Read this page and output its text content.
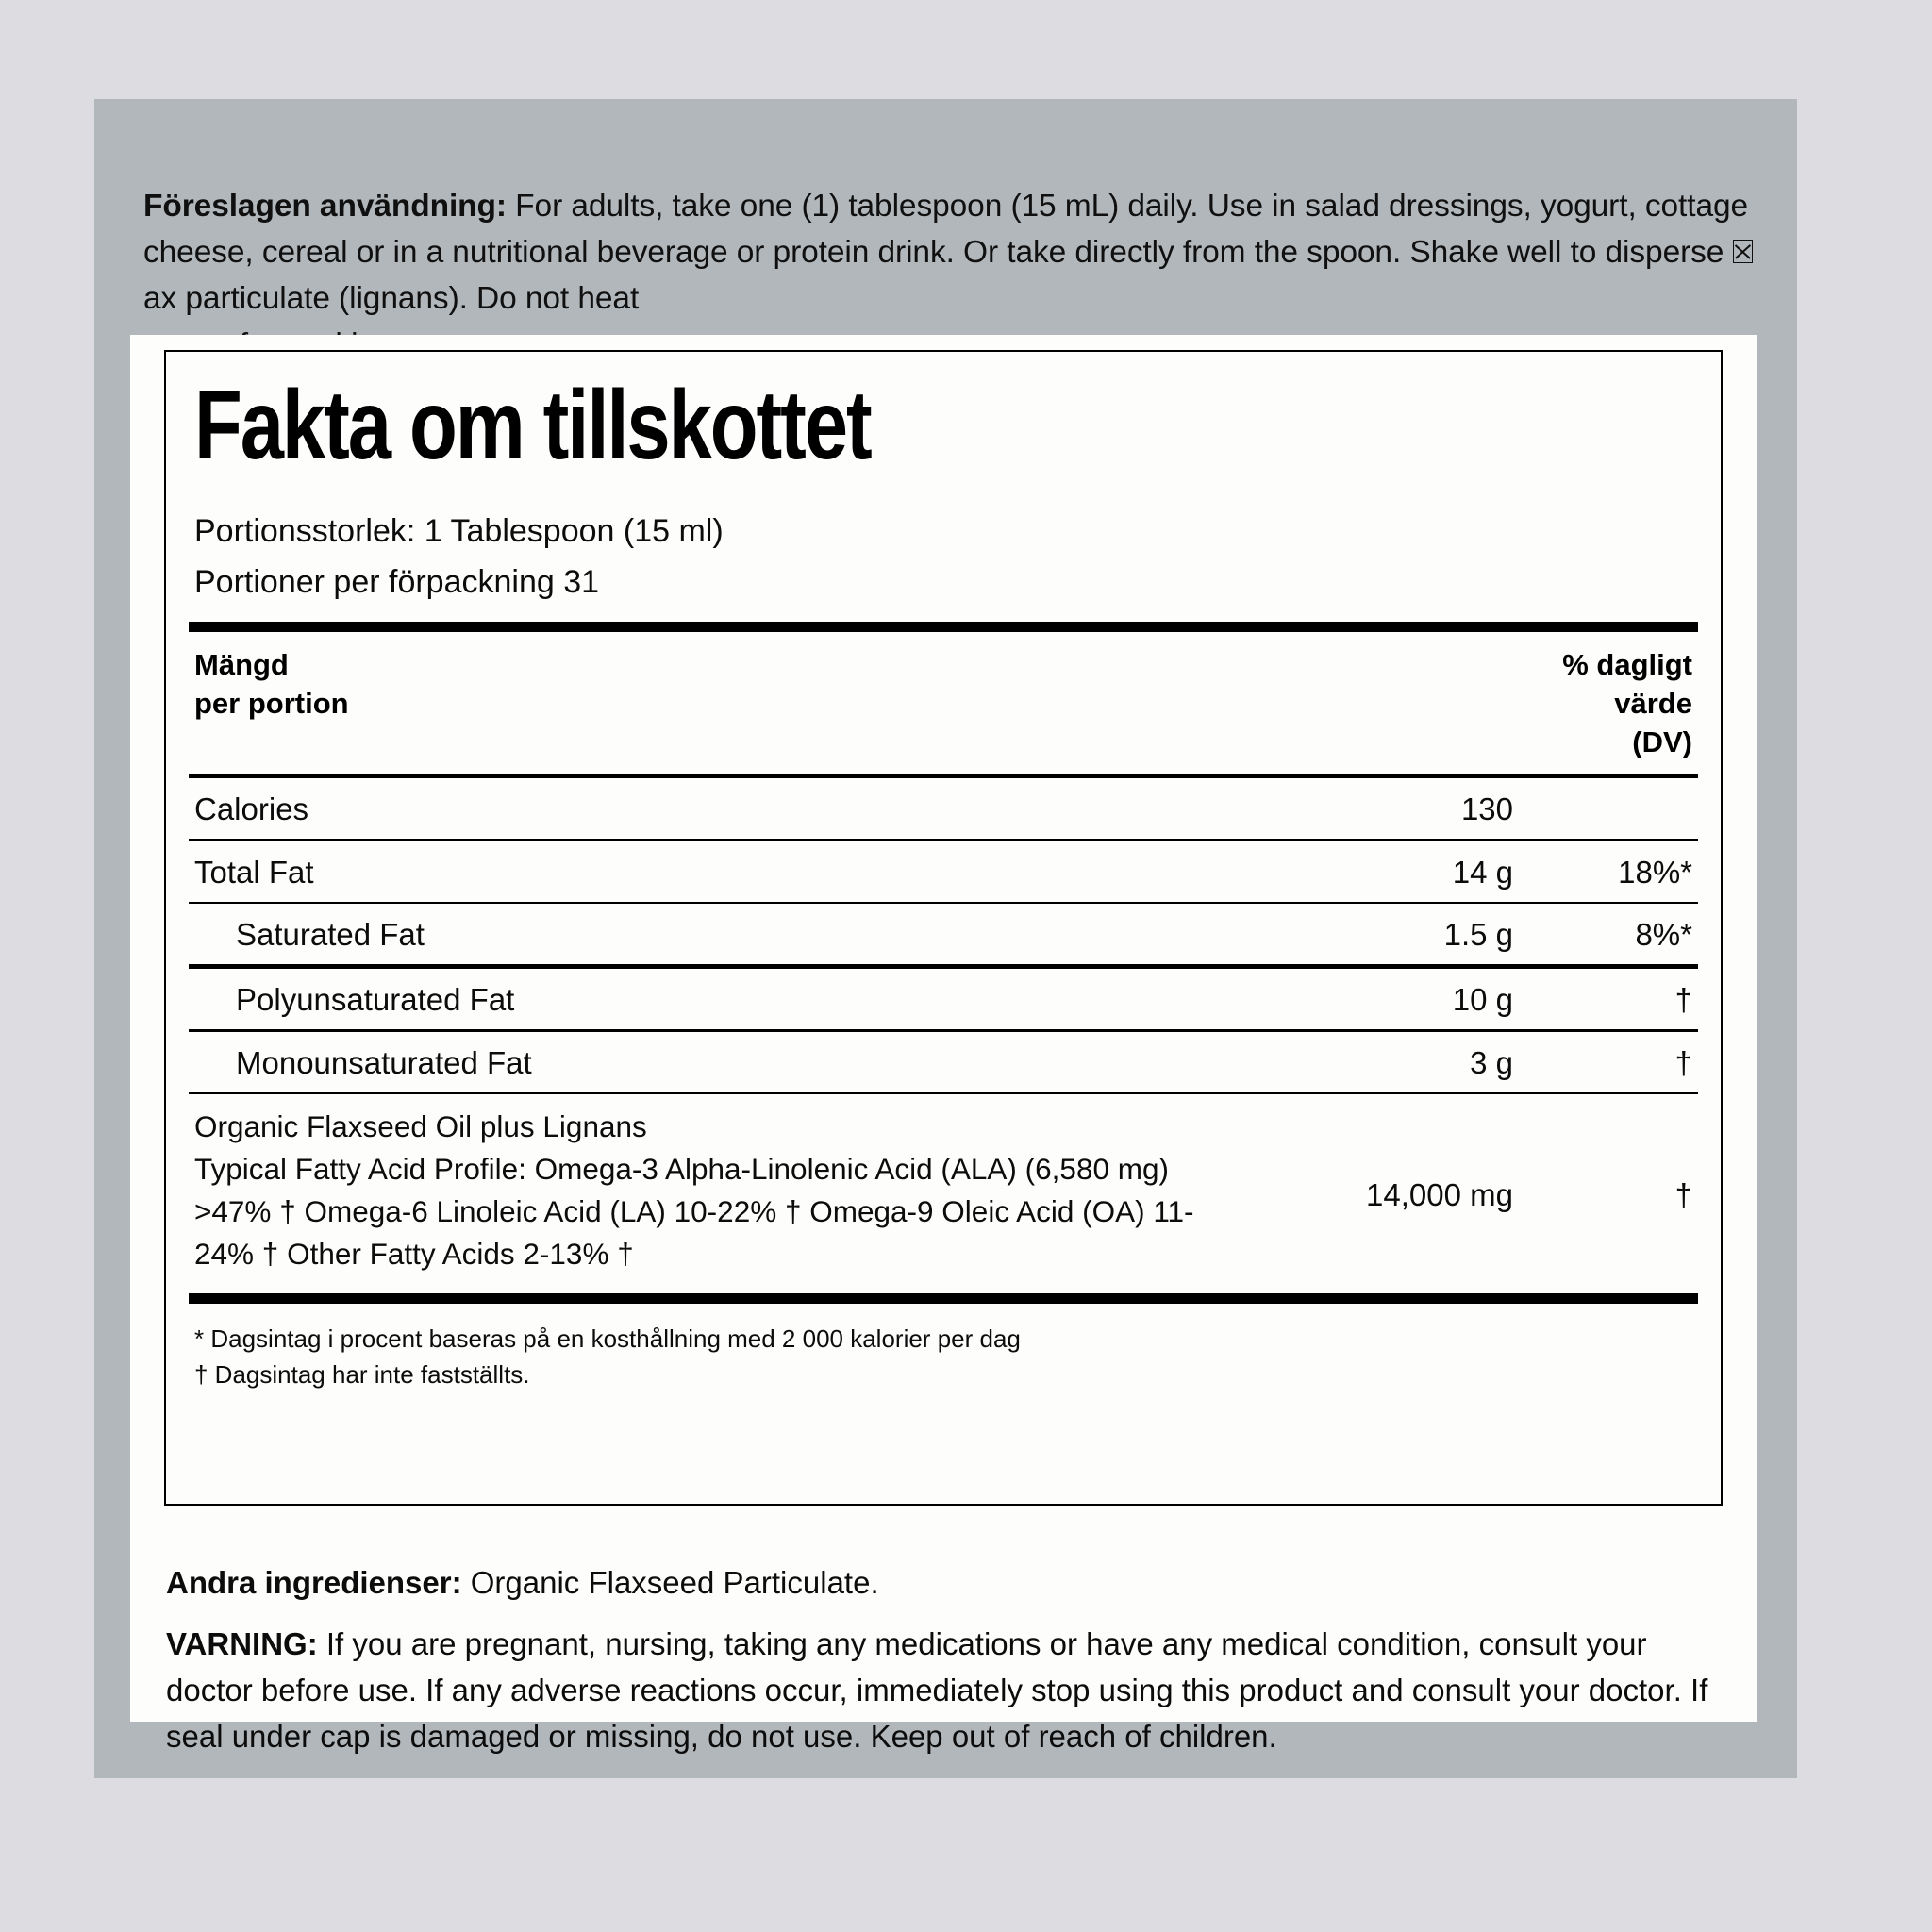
Föreslagen användning: For adults, take one (1) tablespoon (15 mL) daily. Use in salad dressings, yogurt, cottage cheese, cereal or in a nutritional beverage or protein drink. Or take directly from the spoon. Shake well to disperse ax particulate (lignans). Do not heat

Fakta om tillskottet
Portionsstorlek: 1 Tablespoon (15 ml)
Portioner per förpackning 31
Mängd
per portion
% dagligt
värde
(DV)
Calories	130
Total Fat	14 g	18%*
Saturated Fat	1.5 g	8%*
Polyunsaturated Fat	10 g	†
Monounsaturated Fat	3 g	†
Organic Flaxseed Oil plus Lignans
Typical Fatty Acid Profile: Omega-3 Alpha-Linolenic Acid (ALA) (6,580 mg)
>47% † Omega-6 Linoleic Acid (LA) 10-22% † Omega-9 Oleic Acid (OA) 11-
24% † Other Fatty Acids 2-13% †
14,000 mg	†
* Dagsintag i procent baseras på en kosthållning med 2 000 kalorier per dag
† Dagsintag har inte fastställts.

Andra ingredienser: Organic Flaxseed Particulate.

VARNING: If you are pregnant, nursing, taking any medications or have any medical condition, consult your doctor before use. If any adverse reactions occur, immediately stop using this product and consult your doctor. If seal under cap is damaged or missing, do not use. Keep out of reach of children.
